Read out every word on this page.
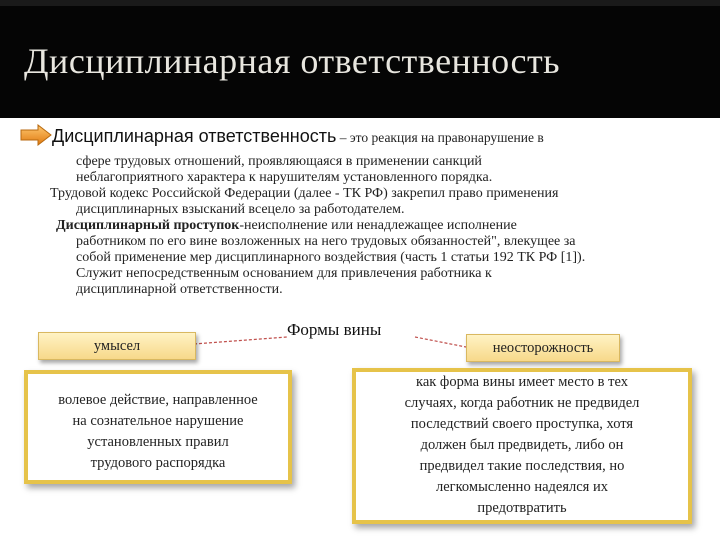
Дисциплинарная ответственность
Дисциплинарная ответственность – это реакция на правонарушение в
сфере трудовых отношений, проявляющаяся в применении санкций
неблагоприятного характера к нарушителям установленного порядка.
Трудовой кодекс Российской Федерации (далее - ТК РФ) закрепил право применения
дисциплинарных взысканий всецело за работодателем.
Дисциплинарный проступок-неисполнение или ненадлежащее исполнение
работником по его вине возложенных на него трудовых обязанностей", влекущее за
собой применение мер дисциплинарного воздействия (часть 1 статьи 192 ТК РФ [1]).
Служит непосредственным основанием для привлечения работника к
дисциплинарной ответственности.
Формы вины
умысел	неосторожность
волевое действие, направленное
на сознательное нарушение
установленных правил
трудового распорядка
как форма вины имеет место в тех
случаях, когда работник не предвидел
последствий своего проступка, хотя
должен был предвидеть, либо он
предвидел такие последствия, но
легкомысленно надеялся их
предотвратить
